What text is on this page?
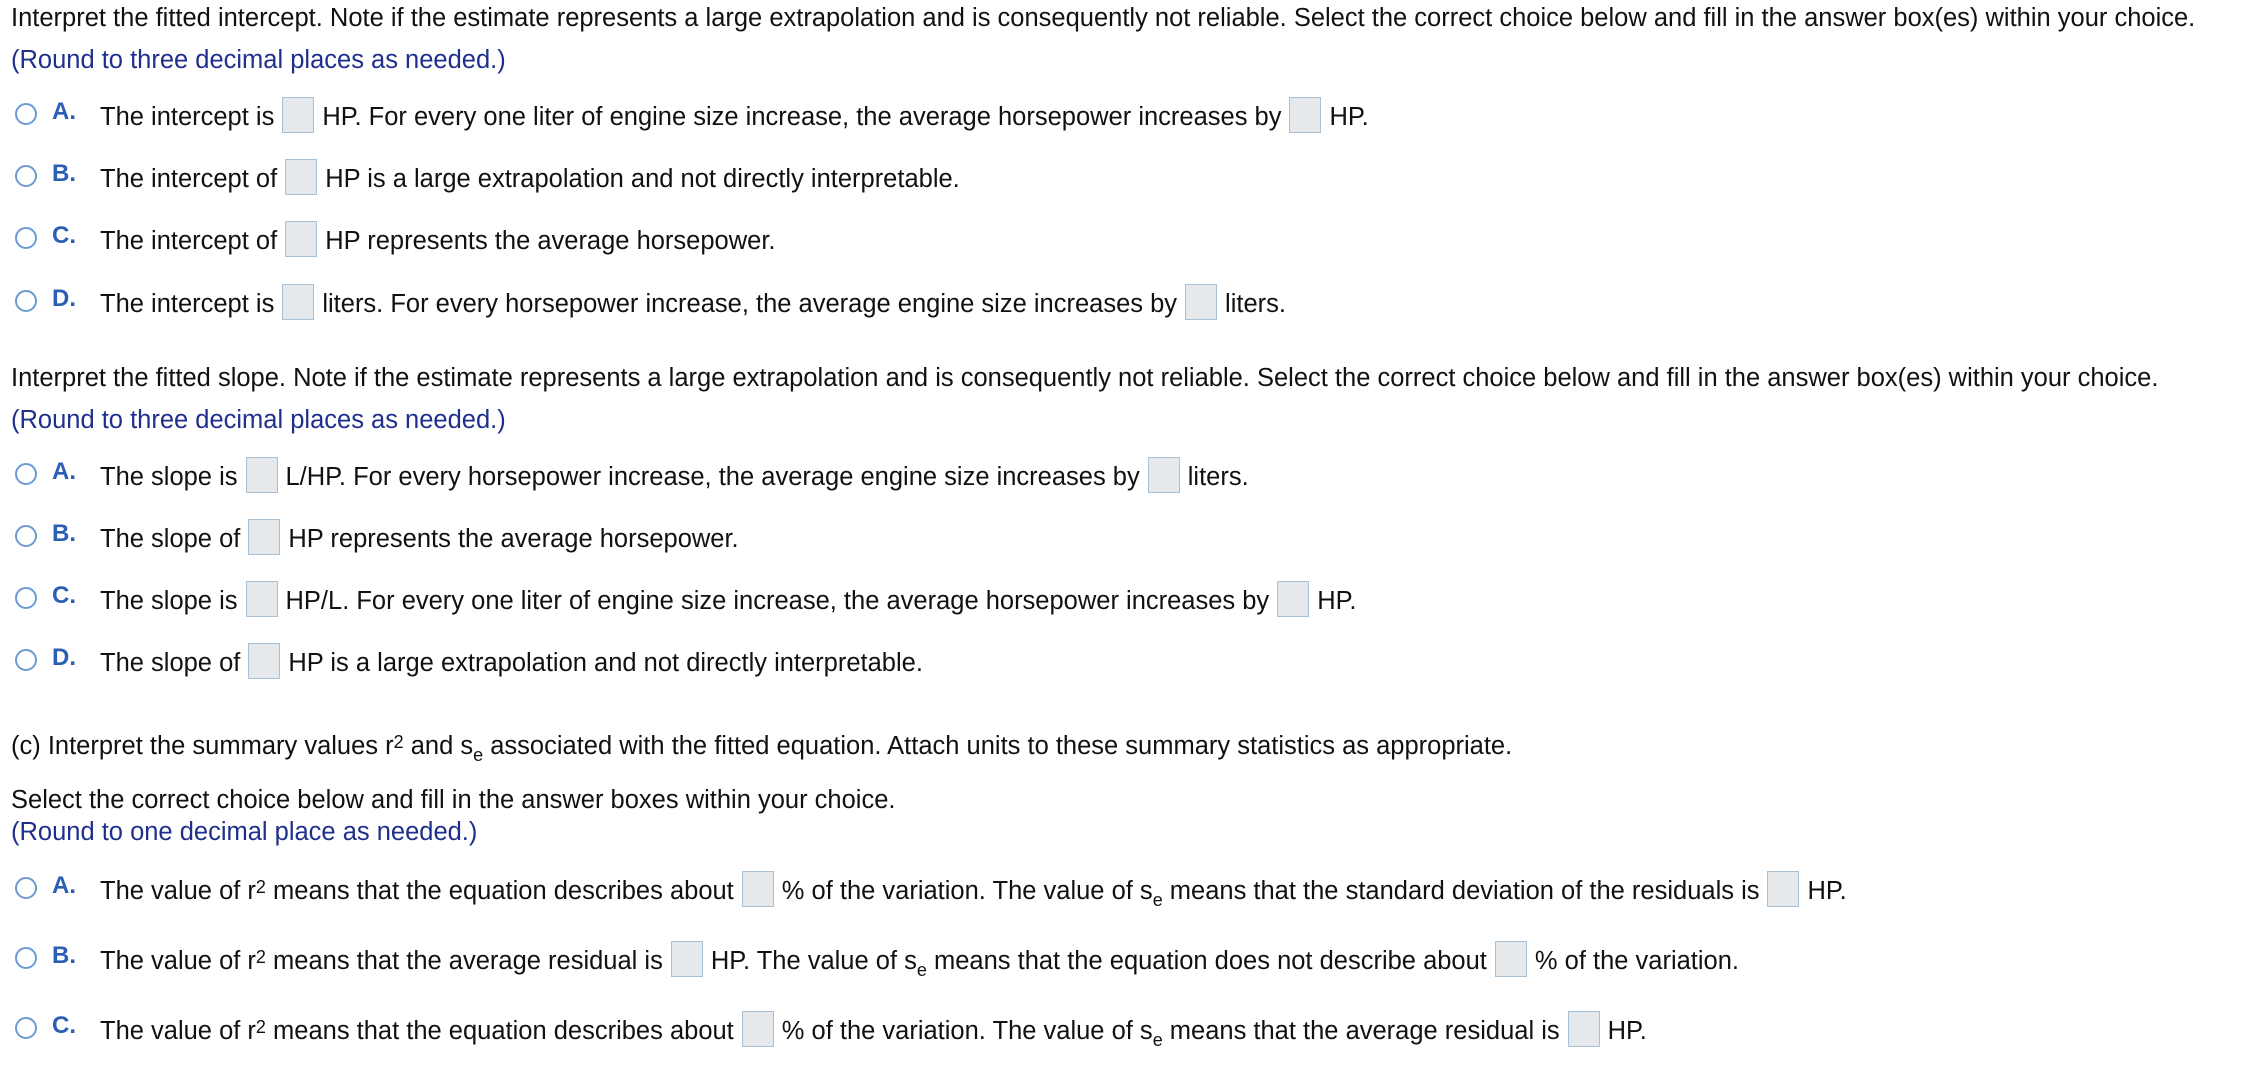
Interpret the fitted intercept. Note if the estimate represents a large extrapolation and is consequently not reliable. Select the correct choice below and fill in the answer box(es) within your choice.
(Round to three decimal places as needed.)
A. The intercept is HP. For every one liter of engine size increase, the average horsepower increases by HP.
B. The intercept of HP is a large extrapolation and not directly interpretable.
C. The intercept of HP represents the average horsepower.
D. The intercept is liters. For every horsepower increase, the average engine size increases by liters.
Interpret the fitted slope. Note if the estimate represents a large extrapolation and is consequently not reliable. Select the correct choice below and fill in the answer box(es) within your choice.
(Round to three decimal places as needed.)
A. The slope is L/HP. For every horsepower increase, the average engine size increases by liters.
B. The slope of HP represents the average horsepower.
C. The slope is HP/L. For every one liter of engine size increase, the average horsepower increases by HP.
D. The slope of HP is a large extrapolation and not directly interpretable.
(c) Interpret the summary values $r^2$ and $s_e$ associated with the fitted equation. Attach units to these summary statistics as appropriate.
Select the correct choice below and fill in the answer boxes within your choice.
(Round to one decimal place as needed.)
A. The value of $r^2$ means that the equation describes about % of the variation. The value of $s_e$ means that the standard deviation of the residuals is HP.
B. The value of $r^2$ means that the average residual is HP. The value of $s_e$ means that the equation does not describe about % of the variation.
C. The value of $r^2$ means that the equation describes about % of the variation. The value of $s_e$ means that the average residual is HP.
